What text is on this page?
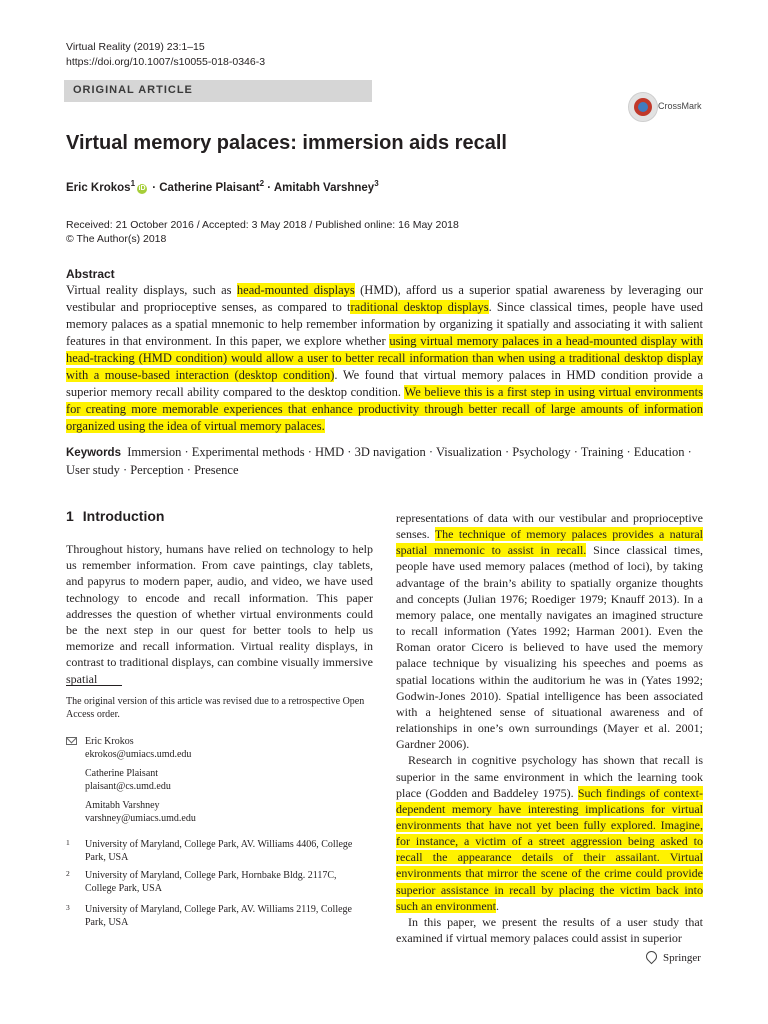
Virtual Reality (2019) 23:1–15
https://doi.org/10.1007/s10055-018-0346-3
ORIGINAL ARTICLE
CrossMark
Virtual memory palaces: immersion aids recall
Eric Krokos$^1$iD · Catherine Plaisant$^2$ · Amitabh Varshney$^3$
Received: 21 October 2016 / Accepted: 3 May 2018 / Published online: 16 May 2018
© The Author(s) 2018
Abstract

Virtual reality displays, such as head-mounted displays (HMD), afford us a superior spatial awareness by leveraging our vestibular and proprioceptive senses, as compared to traditional desktop displays. Since classical times, people have used memory palaces as a spatial mnemonic to help remember information by organizing it spatially and associating it with salient features in that environment. In this paper, we explore whether using virtual memory palaces in a head-mounted display with head-tracking (HMD condition) would allow a user to better recall information than when using a traditional desktop display with a mouse-based interaction (desktop condition). We found that virtual memory palaces in HMD condition provide a superior memory recall ability compared to the desktop condition. We believe this is a first step in using virtual environments for creating more memorable experiences that enhance productivity through better recall of large amounts of information organized using the idea of virtual memory palaces.

Keywords Immersion · Experimental methods · HMD · 3D navigation · Visualization · Psychology · Training · Education · User study · Perception · Presence

1 Introduction

Throughout history, humans have relied on technology to help us remember information. From cave paintings, clay tablets, and papyrus to modern paper, audio, and video, we have used technology to encode and recall information. This paper addresses the question of whether virtual environments could be the next step in our quest for better tools to help us memorize and recall information. Virtual reality displays, in contrast to traditional displays, can combine visually immersive spatial

The original version of this article was revised due to a retrospective Open Access order.
Eric Krokos
ekrokos@umiacs.umd.edu
Catherine Plaisant
plaisant@cs.umd.edu
Amitabh Varshney
varshney@umiacs.umd.edu
1 University of Maryland, College Park, AV. Williams 4406, College Park, USA
2 University of Maryland, College Park, Hornbake Bldg. 2117C, College Park, USA
3 University of Maryland, College Park, AV. Williams 2119, College Park, USA

representations of data with our vestibular and proprioceptive senses. The technique of memory palaces provides a natural spatial mnemonic to assist in recall. Since classical times, people have used memory palaces (method of loci), by taking advantage of the brain’s ability to spatially organize thoughts and concepts (Julian 1976; Roediger 1979; Knauff 2013). In a memory palace, one mentally navigates an imagined structure to recall information (Yates 1992; Harman 2001). Even the Roman orator Cicero is believed to have used the memory palace technique by visualizing his speeches and poems as spatial locations within the auditorium he was in (Yates 1992; Godwin-Jones 2010). Spatial intelligence has been associated with a heightened sense of situational awareness and of relationships in one’s own surroundings (Mayer et al. 2001; Gardner 2006).

Research in cognitive psychology has shown that recall is superior in the same environment in which the learning took place (Godden and Baddeley 1975). Such findings of context-dependent memory have interesting implications for virtual environments that have not yet been fully explored. Imagine, for instance, a victim of a street aggression being asked to recall the appearance details of their assailant. Virtual environments that mirror the scene of the crime could provide superior assistance in recall by placing the victim back into such an environment.

In this paper, we present the results of a user study that examined if virtual memory palaces could assist in superior

Springer
